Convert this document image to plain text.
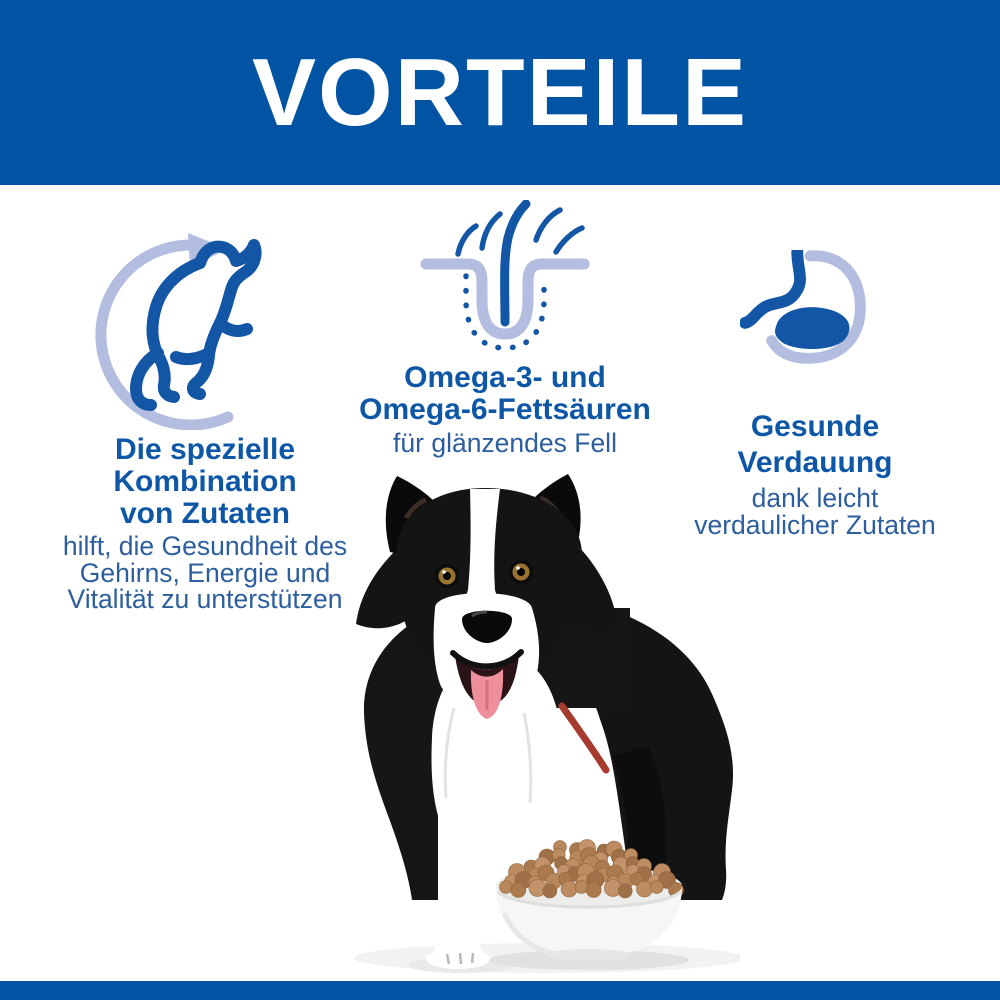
VORTEILE
Die spezielle
Kombination
von Zutaten
hilft, die Gesundheit des
Gehirns, Energie und
Vitalität zu unterstützen
Omega-3- und
Omega-6-Fettsäuren
für glänzendes Fell	Gesunde
Verdauung
dank leicht
verdaulicher Zutaten
